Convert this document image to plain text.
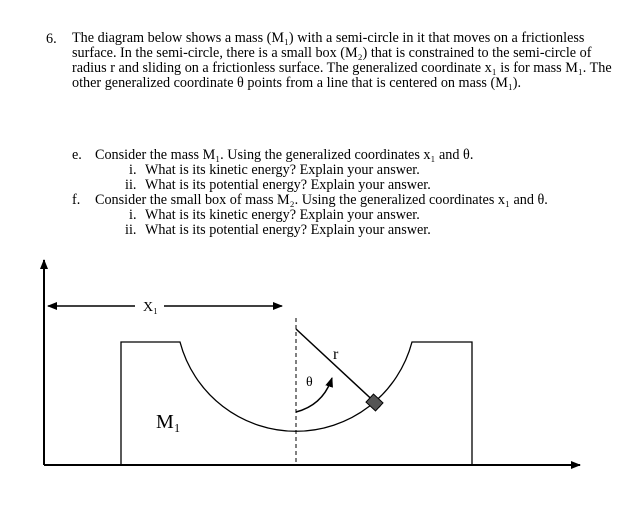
6. The diagram below shows a mass (M₁) with a semi-circle in it that moves on a frictionless surface. In the semi-circle, there is a small box (M₂) that is constrained to the semi-circle of radius r and sliding on a frictionless surface. The generalized coordinate x₁ is for mass M₁. The other generalized coordinate θ points from a line that is centered on mass (M₁).

e. Consider the mass M₁. Using the generalized coordinates x₁ and θ.
i. What is its kinetic energy? Explain your answer.
ii. What is its potential energy? Explain your answer.
f. Consider the small box of mass M₂. Using the generalized coordinates x₁ and θ.
i. What is its kinetic energy? Explain your answer.
ii. What is its potential energy? Explain your answer.
X₁
M₁
r
θ
